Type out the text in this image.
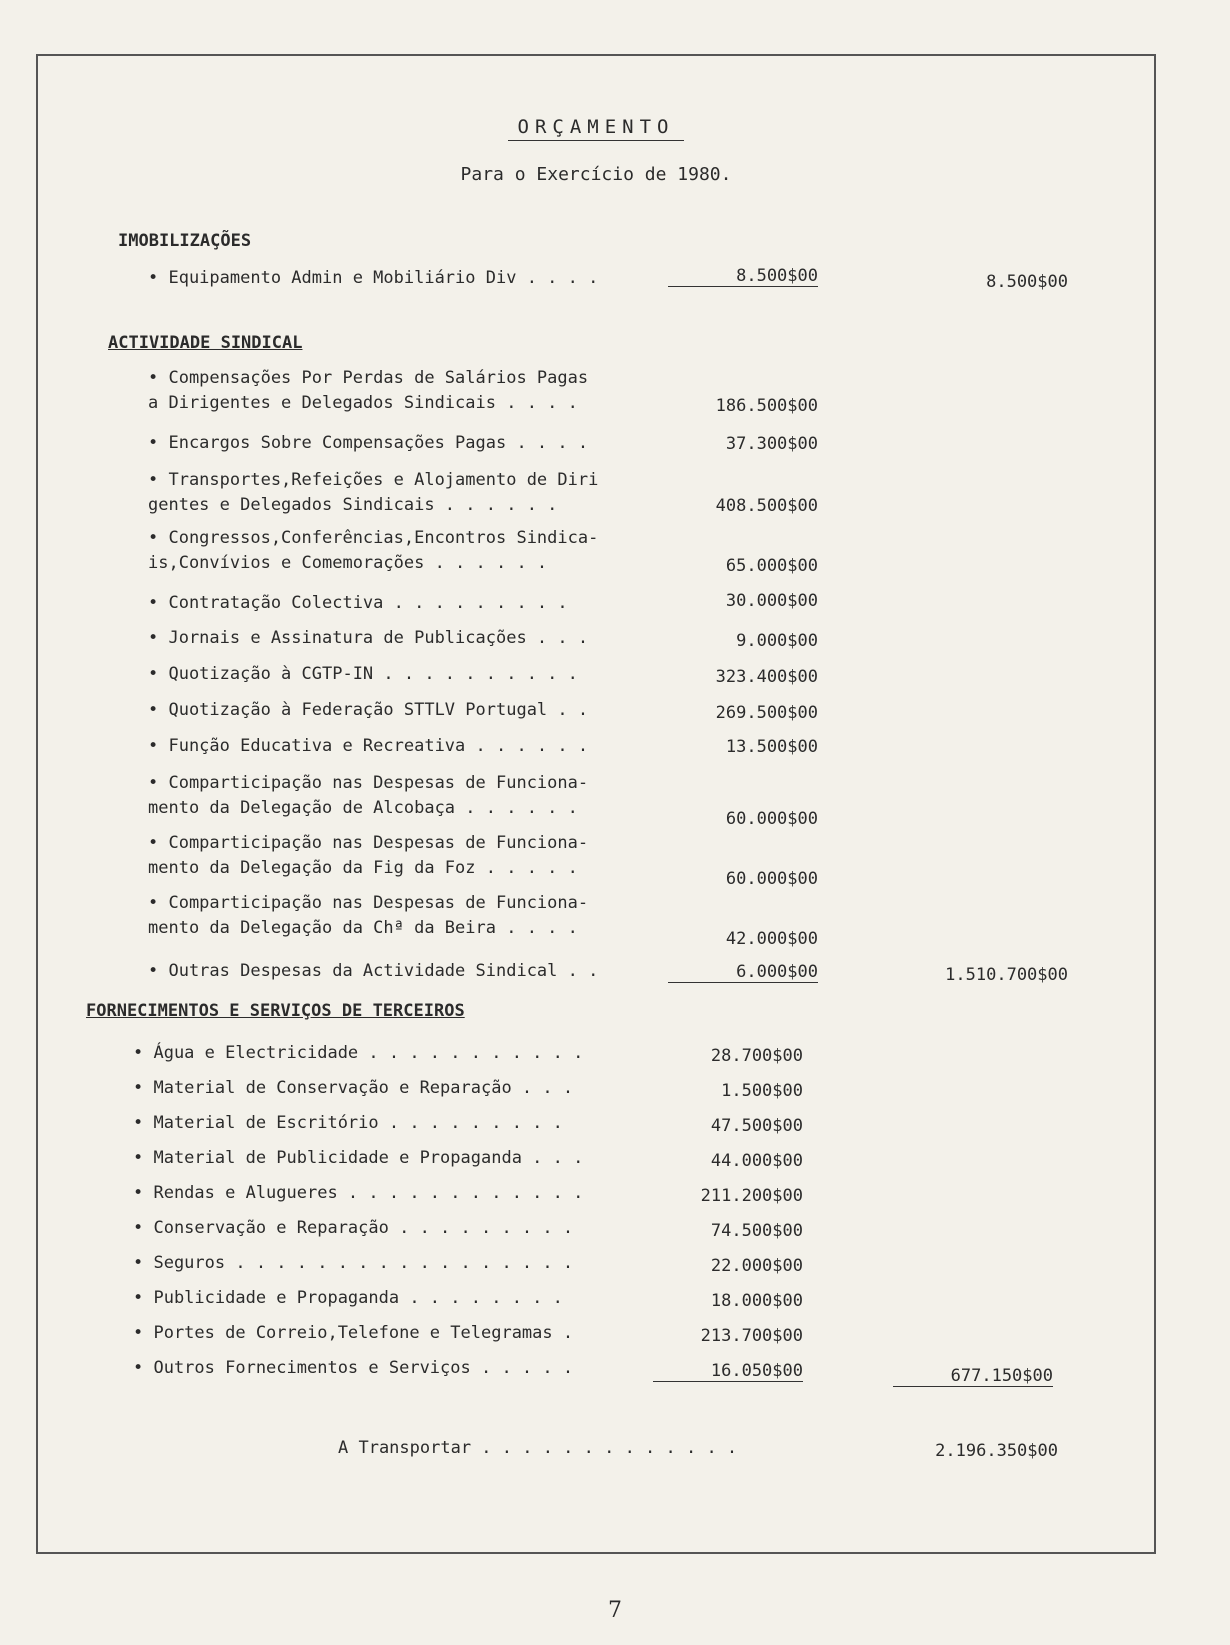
ORÇAMENTO
Para o Exercício de 1980.
IMOBILIZAÇÕES
• Equipamento Admin e Mobiliário Div . . . .	8.500$00	8.500$00
ACTIVIDADE SINDICAL
• Compensações Por Perdas de Salários Pagas
a Dirigentes e Delegados Sindicais . . . .	186.500$00
• Encargos Sobre Compensações Pagas . . . .	37.300$00
• Transportes,Refeições e Alojamento de Diri
gentes e Delegados Sindicais . . . . . .	408.500$00
• Congressos,Conferências,Encontros Sindica-
is,Convívios e Comemorações . . . . . .	65.000$00
• Contratação Colectiva . . . . . . . . .	30.000$00
• Jornais e Assinatura de Publicações . . .	9.000$00
• Quotização à CGTP-IN . . . . . . . . . .	323.400$00
• Quotização à Federação STTLV Portugal . .	269.500$00
• Função Educativa e Recreativa . . . . . .	13.500$00
• Comparticipação nas Despesas de Funciona-
mento da Delegação de Alcobaça . . . . . .
60.000$00
• Comparticipação nas Despesas de Funciona-
mento da Delegação da Fig da Foz . . . . .
60.000$00
• Comparticipação nas Despesas de Funciona-
mento da Delegação da Chª da Beira . . . .
42.000$00
• Outras Despesas da Actividade Sindical . .	6.000$00	1.510.700$00
FORNECIMENTOS E SERVIÇOS DE TERCEIROS
• Água e Electricidade . . . . . . . . . . .	28.700$00
• Material de Conservação e Reparação . . .	1.500$00
• Material de Escritório . . . . . . . . .	47.500$00
• Material de Publicidade e Propaganda . . .	44.000$00
• Rendas e Alugueres . . . . . . . . . . . .	211.200$00
• Conservação e Reparação . . . . . . . . .	74.500$00
• Seguros . . . . . . . . . . . . . . . . .	22.000$00
• Publicidade e Propaganda . . . . . . . .	18.000$00
• Portes de Correio,Telefone e Telegramas .	213.700$00
• Outros Fornecimentos e Serviços . . . . .	16.050$00	677.150$00
A Transportar . . . . . . . . . . . . .	2.196.350$00
7
